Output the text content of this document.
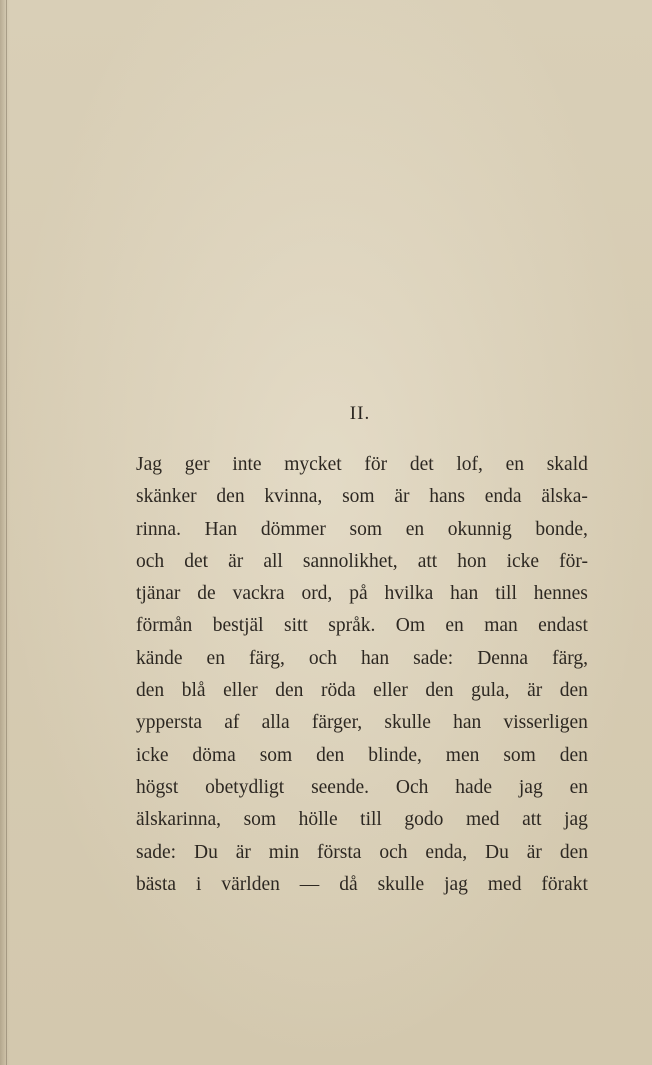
II.
Jag ger inte mycket för det lof, en skald
skänker den kvinna, som är hans enda älska-
rinna. Han dömmer som en okunnig bonde,
och det är all sannolikhet, att hon icke för-
tjänar de vackra ord, på hvilka han till hennes
förmån bestjäl sitt språk. Om en man endast
kände en färg, och han sade: Denna färg,
den blå eller den röda eller den gula, är den
yppersta af alla färger, skulle han visserligen
icke döma som den blinde, men som den
högst obetydligt seende. Och hade jag en
älskarinna, som hölle till godo med att jag
sade: Du är min första och enda, Du är den
bästa i världen — då skulle jag med förakt
